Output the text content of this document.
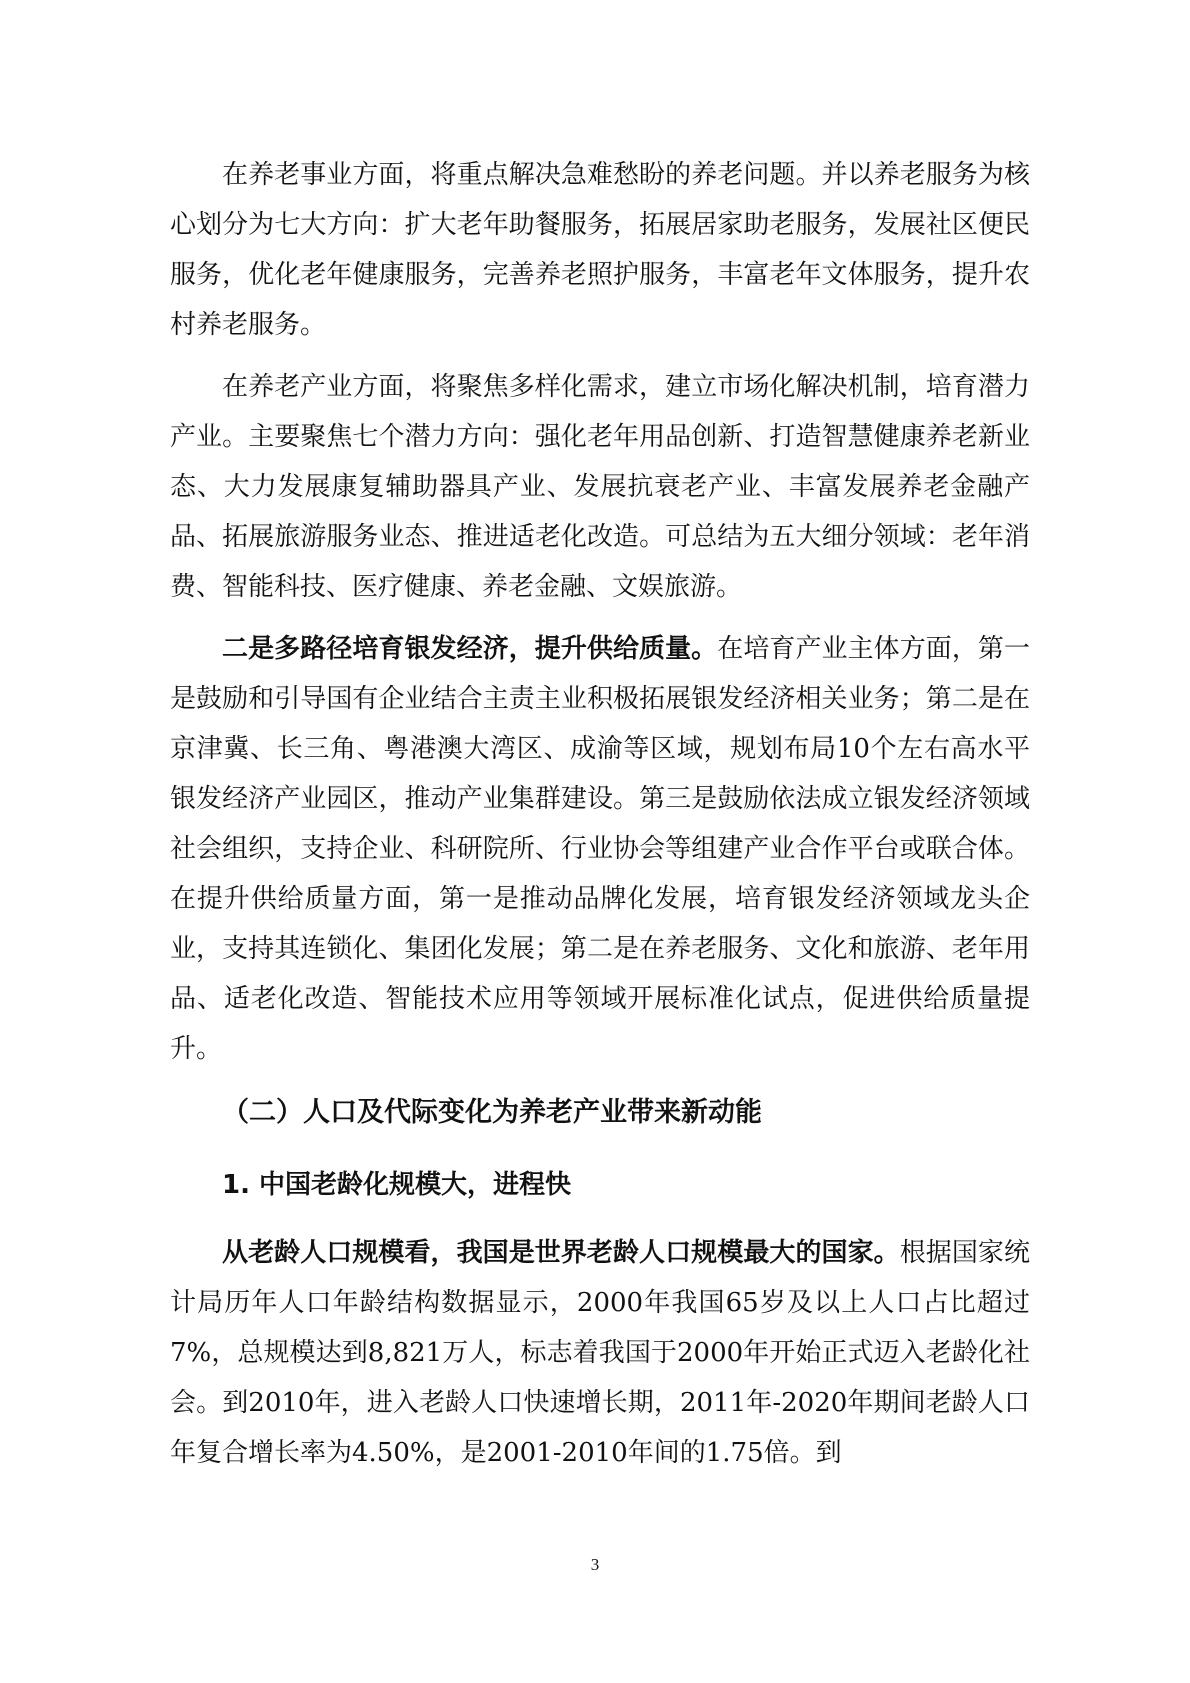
在养老事业方面，将重点解决急难愁盼的养老问题。并以养老服务为核心划分为七大方向：扩大老年助餐服务，拓展居家助老服务，发展社区便民服务，优化老年健康服务，完善养老照护服务，丰富老年文体服务，提升农村养老服务。

在养老产业方面，将聚焦多样化需求，建立市场化解决机制，培育潜力产业。主要聚焦七个潜力方向：强化老年用品创新、打造智慧健康养老新业态、大力发展康复辅助器具产业、发展抗衰老产业、丰富发展养老金融产品、拓展旅游服务业态、推进适老化改造。可总结为五大细分领域：老年消费、智能科技、医疗健康、养老金融、文娱旅游。

二是多路径培育银发经济，提升供给质量。在培育产业主体方面，第一是鼓励和引导国有企业结合主责主业积极拓展银发经济相关业务；第二是在京津冀、长三角、粤港澳大湾区、成渝等区域，规划布局10个左右高水平银发经济产业园区，推动产业集群建设。第三是鼓励依法成立银发经济领域社会组织，支持企业、科研院所、行业协会等组建产业合作平台或联合体。在提升供给质量方面，第一是推动品牌化发展，培育银发经济领域龙头企业，支持其连锁化、集团化发展；第二是在养老服务、文化和旅游、老年用品、适老化改造、智能技术应用等领域开展标准化试点，促进供给质量提升。

（二）人口及代际变化为养老产业带来新动能
1. 中国老龄化规模大，进程快

从老龄人口规模看，我国是世界老龄人口规模最大的国家。根据国家统计局历年人口年龄结构数据显示，2000年我国65岁及以上人口占比超过7%，总规模达到8,821万人，标志着我国于2000年开始正式迈入老龄化社会。到2010年，进入老龄人口快速增长期，2011年-2020年期间老龄人口年复合增长率为4.50%，是2001-2010年间的1.75倍。到

3
